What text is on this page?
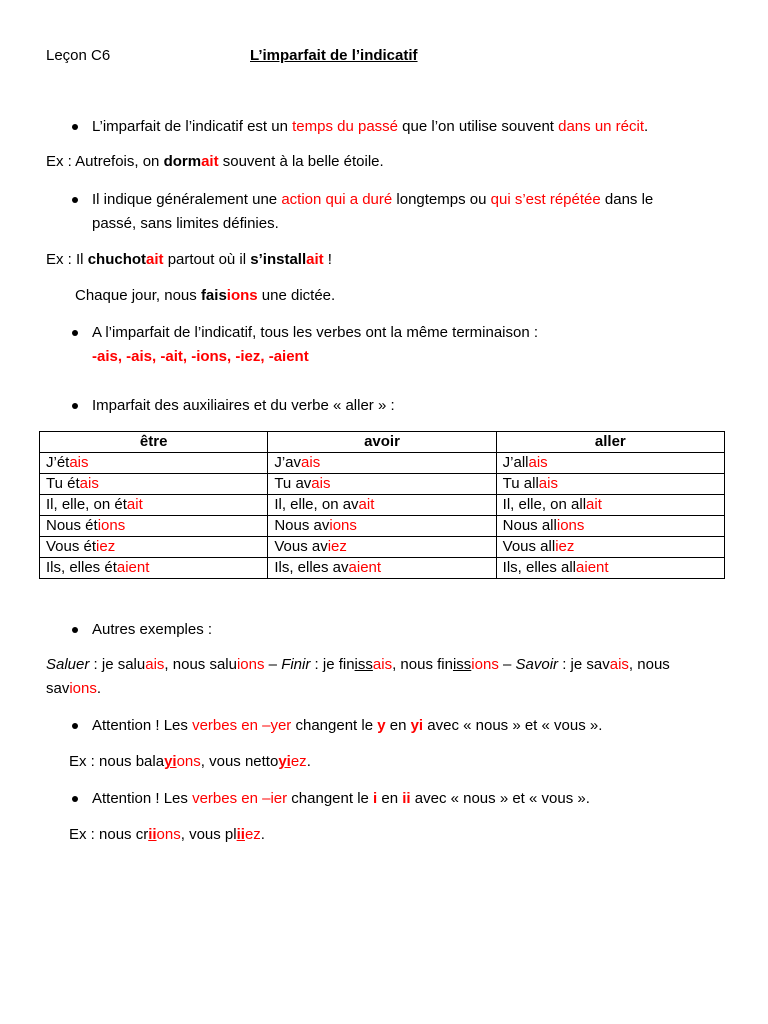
Leçon C6	L’imparfait de l’indicatif
L’imparfait de l’indicatif est un temps du passé que l’on utilise souvent dans un récit.
Ex : Autrefois, on dormait souvent à la belle étoile.
Il indique généralement une action qui a duré longtemps ou qui s’est répétée dans le
passé, sans limites définies.
Ex : Il chuchotait partout où il s’installait !
Chaque jour, nous faisions une dictée.
A l’imparfait de l’indicatif, tous les verbes ont la même terminaison :
-ais, -ais, -ait, -ions, -iez, -aient
Imparfait des auxiliaires et du verbe « aller » :
être	avoir	aller
J’étais	J’avais	J’allais
Tu étais	Tu avais	Tu allais
Il, elle, on était	Il, elle, on avait	Il, elle, on allait
Nous étions	Nous avions	Nous allions
Vous étiez	Vous aviez	Vous alliez
Ils, elles étaient	Ils, elles avaient	Ils, elles allaient
Autres exemples :
Saluer : je saluais, nous saluions – Finir : je finissais, nous finissions – Savoir : je savais, nous
savions.
Attention ! Les verbes en –yer changent le y en yi avec « nous » et « vous ».
Ex : nous balayions, vous nettoyiez.
Attention ! Les verbes en –ier changent le i en ii avec « nous » et « vous ».
Ex : nous criions, vous pliiez.
